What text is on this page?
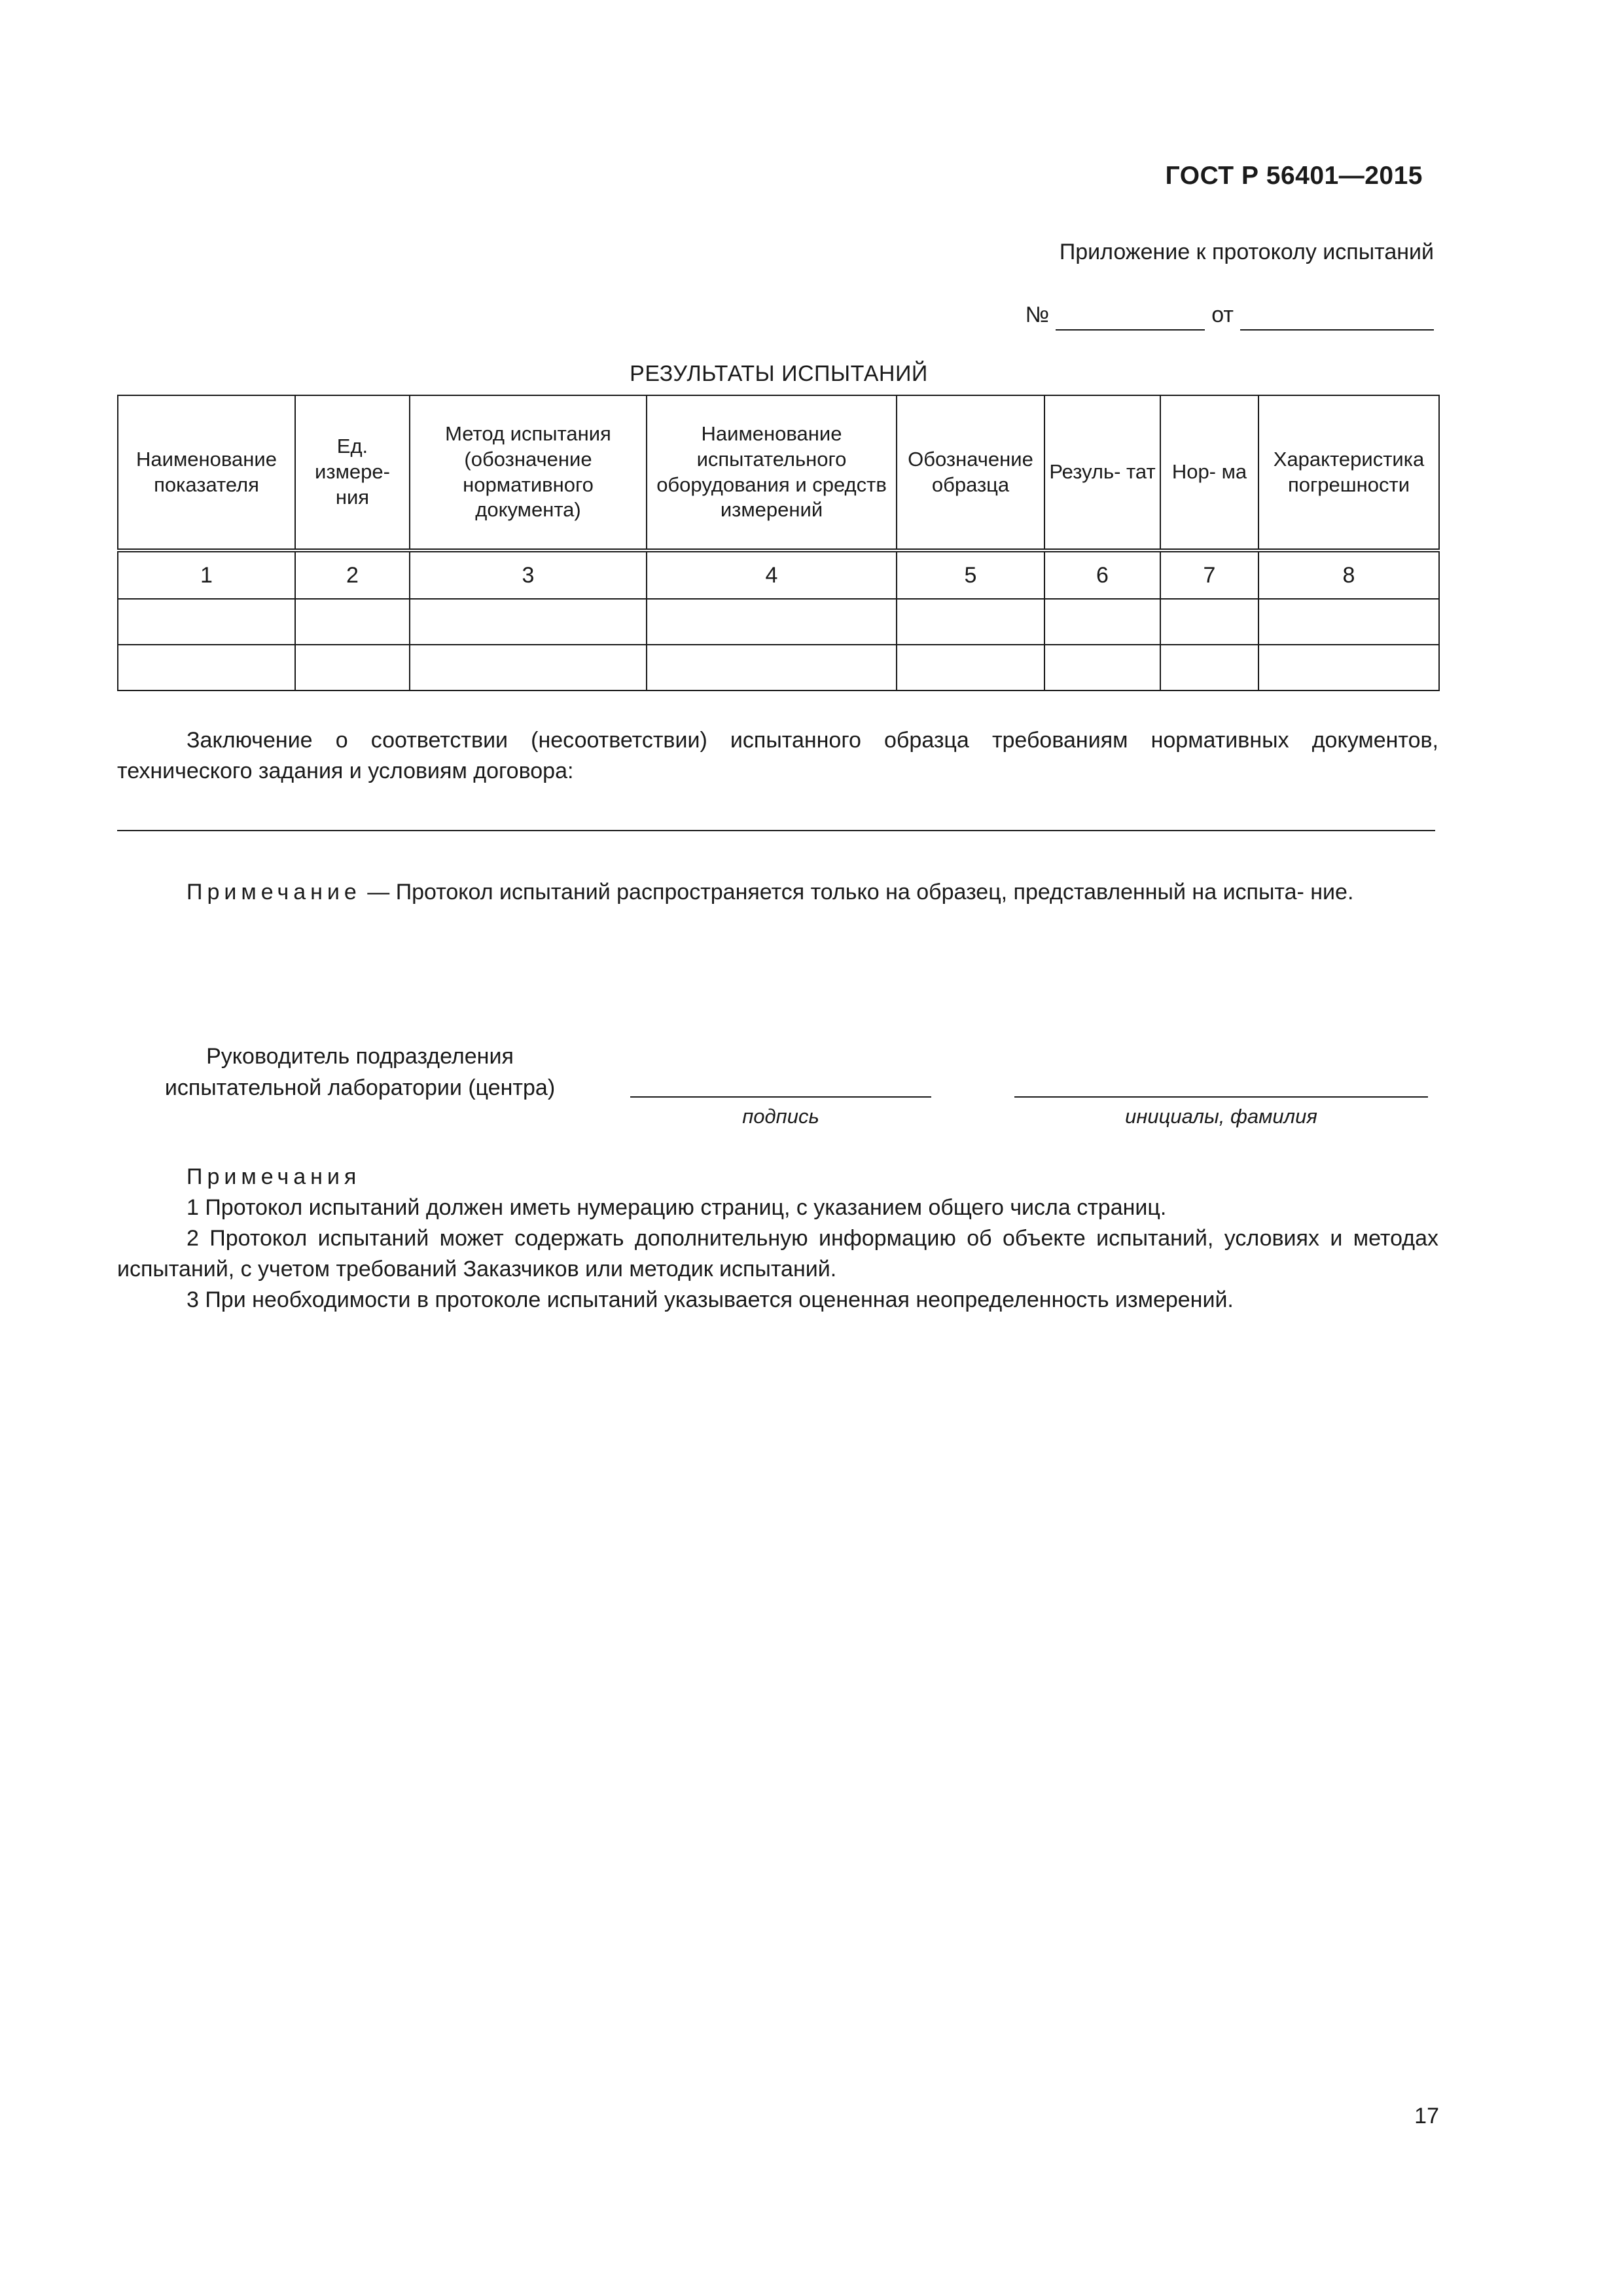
ГОСТ Р 56401—2015
Приложение к протоколу испытаний
№	от
РЕЗУЛЬТАТЫ ИСПЫТАНИЙ
Наименование показателя	Ед. измере- ния	Метод испытания (обозначение нормативного документа)	Наименование испытательного оборудования и средств измерений	Обозначение образца	Резуль- тат	Нор- ма	Характеристика погрешности
1	2	3	4	5	6	7	8

Заключение о соответствии (несоответствии) испытанного образца требованиям нормативных документов, технического задания и условиям договора:
Примечание — Протокол испытаний распространяется только на образец, представленный на испыта- ние.
Руководитель подразделения
испытательной лаборатории (центра)
подпись	инициалы, фамилия

Примечания

1 Протокол испытаний должен иметь нумерацию страниц, с указанием общего числа страниц.

2 Протокол испытаний может содержать дополнительную информацию об объекте испытаний, условиях и методах испытаний, с учетом требований Заказчиков или методик испытаний.

3 При необходимости в протоколе испытаний указывается оцененная неопределенность измерений.

17
